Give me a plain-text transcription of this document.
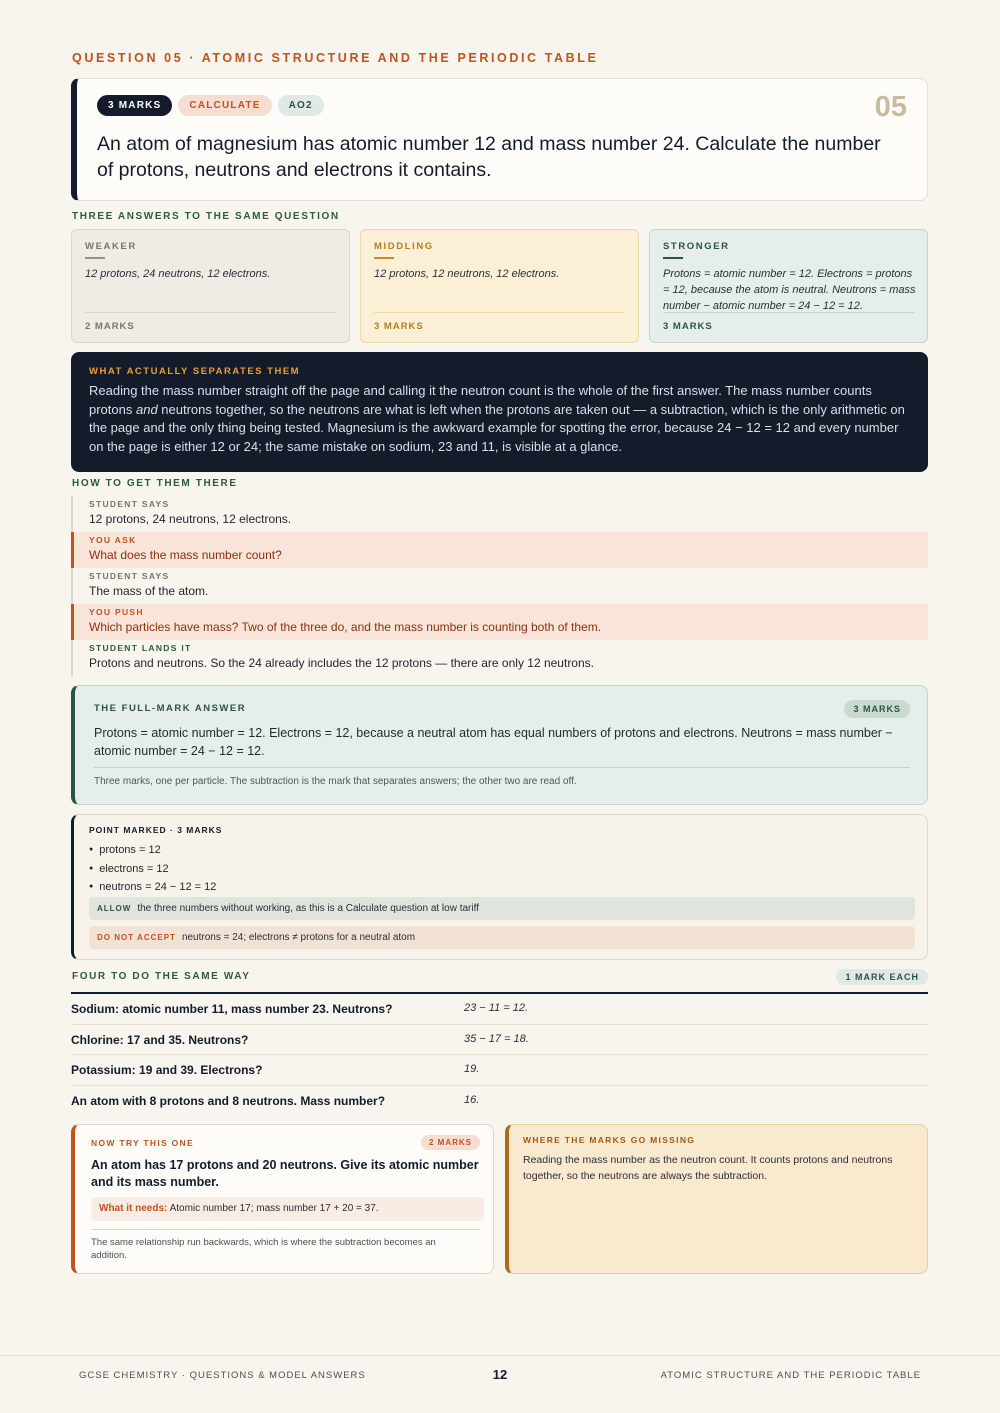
QUESTION 05 · ATOMIC STRUCTURE AND THE PERIODIC TABLE
3 MARKS	CALCULATE	AO2	05
An atom of magnesium has atomic number 12 and mass number 24. Calculate the number of protons, neutrons and electrons it contains.
THREE ANSWERS TO THE SAME QUESTION
WEAKER
12 protons, 24 neutrons, 12 electrons.
2 MARKS
MIDDLING
12 protons, 12 neutrons, 12 electrons.
3 MARKS
STRONGER
Protons = atomic number = 12. Electrons = protons = 12, because the atom is neutral. Neutrons = mass number − atomic number = 24 − 12 = 12.
3 MARKS
WHAT ACTUALLY SEPARATES THEM
Reading the mass number straight off the page and calling it the neutron count is the whole of the first answer. The mass number counts protons and neutrons together, so the neutrons are what is left when the protons are taken out — a subtraction, which is the only arithmetic on the page and the only thing being tested. Magnesium is the awkward example for spotting the error, because 24 − 12 = 12 and every number on the page is either 12 or 24; the same mistake on sodium, 23 and 11, is visible at a glance.
HOW TO GET THEM THERE
STUDENT SAYS
12 protons, 24 neutrons, 12 electrons.
YOU ASK
What does the mass number count?
STUDENT SAYS
The mass of the atom.
YOU PUSH
Which particles have mass? Two of the three do, and the mass number is counting both of them.
STUDENT LANDS IT
Protons and neutrons. So the 24 already includes the 12 protons — there are only 12 neutrons.
THE FULL-MARK ANSWER	3 MARKS
Protons = atomic number = 12. Electrons = 12, because a neutral atom has equal numbers of protons and electrons. Neutrons = mass number − atomic number = 24 − 12 = 12.
Three marks, one per particle. The subtraction is the mark that separates answers; the other two are read off.
POINT MARKED · 3 MARKS
● protons = 12
● electrons = 12
● neutrons = 24 − 12 = 12
ALLOW the three numbers without working, as this is a Calculate question at low tariff
DO NOT ACCEPT neutrons = 24; electrons ≠ protons for a neutral atom
FOUR TO DO THE SAME WAY	1 MARK EACH
Sodium: atomic number 11, mass number 23. Neutrons?	23 − 11 = 12.
Chlorine: 17 and 35. Neutrons?	35 − 17 = 18.
Potassium: 19 and 39. Electrons?	19.
An atom with 8 protons and 8 neutrons. Mass number?	16.
NOW TRY THIS ONE	2 MARKS
An atom has 17 protons and 20 neutrons. Give its atomic number and its mass number.
What it needs: Atomic number 17; mass number 17 + 20 = 37.
The same relationship run backwards, which is where the subtraction becomes an addition.
WHERE THE MARKS GO MISSING
Reading the mass number as the neutron count. It counts protons and neutrons together, so the neutrons are always the subtraction.
GCSE CHEMISTRY · QUESTIONS & MODEL ANSWERS	12	ATOMIC STRUCTURE AND THE PERIODIC TABLE
